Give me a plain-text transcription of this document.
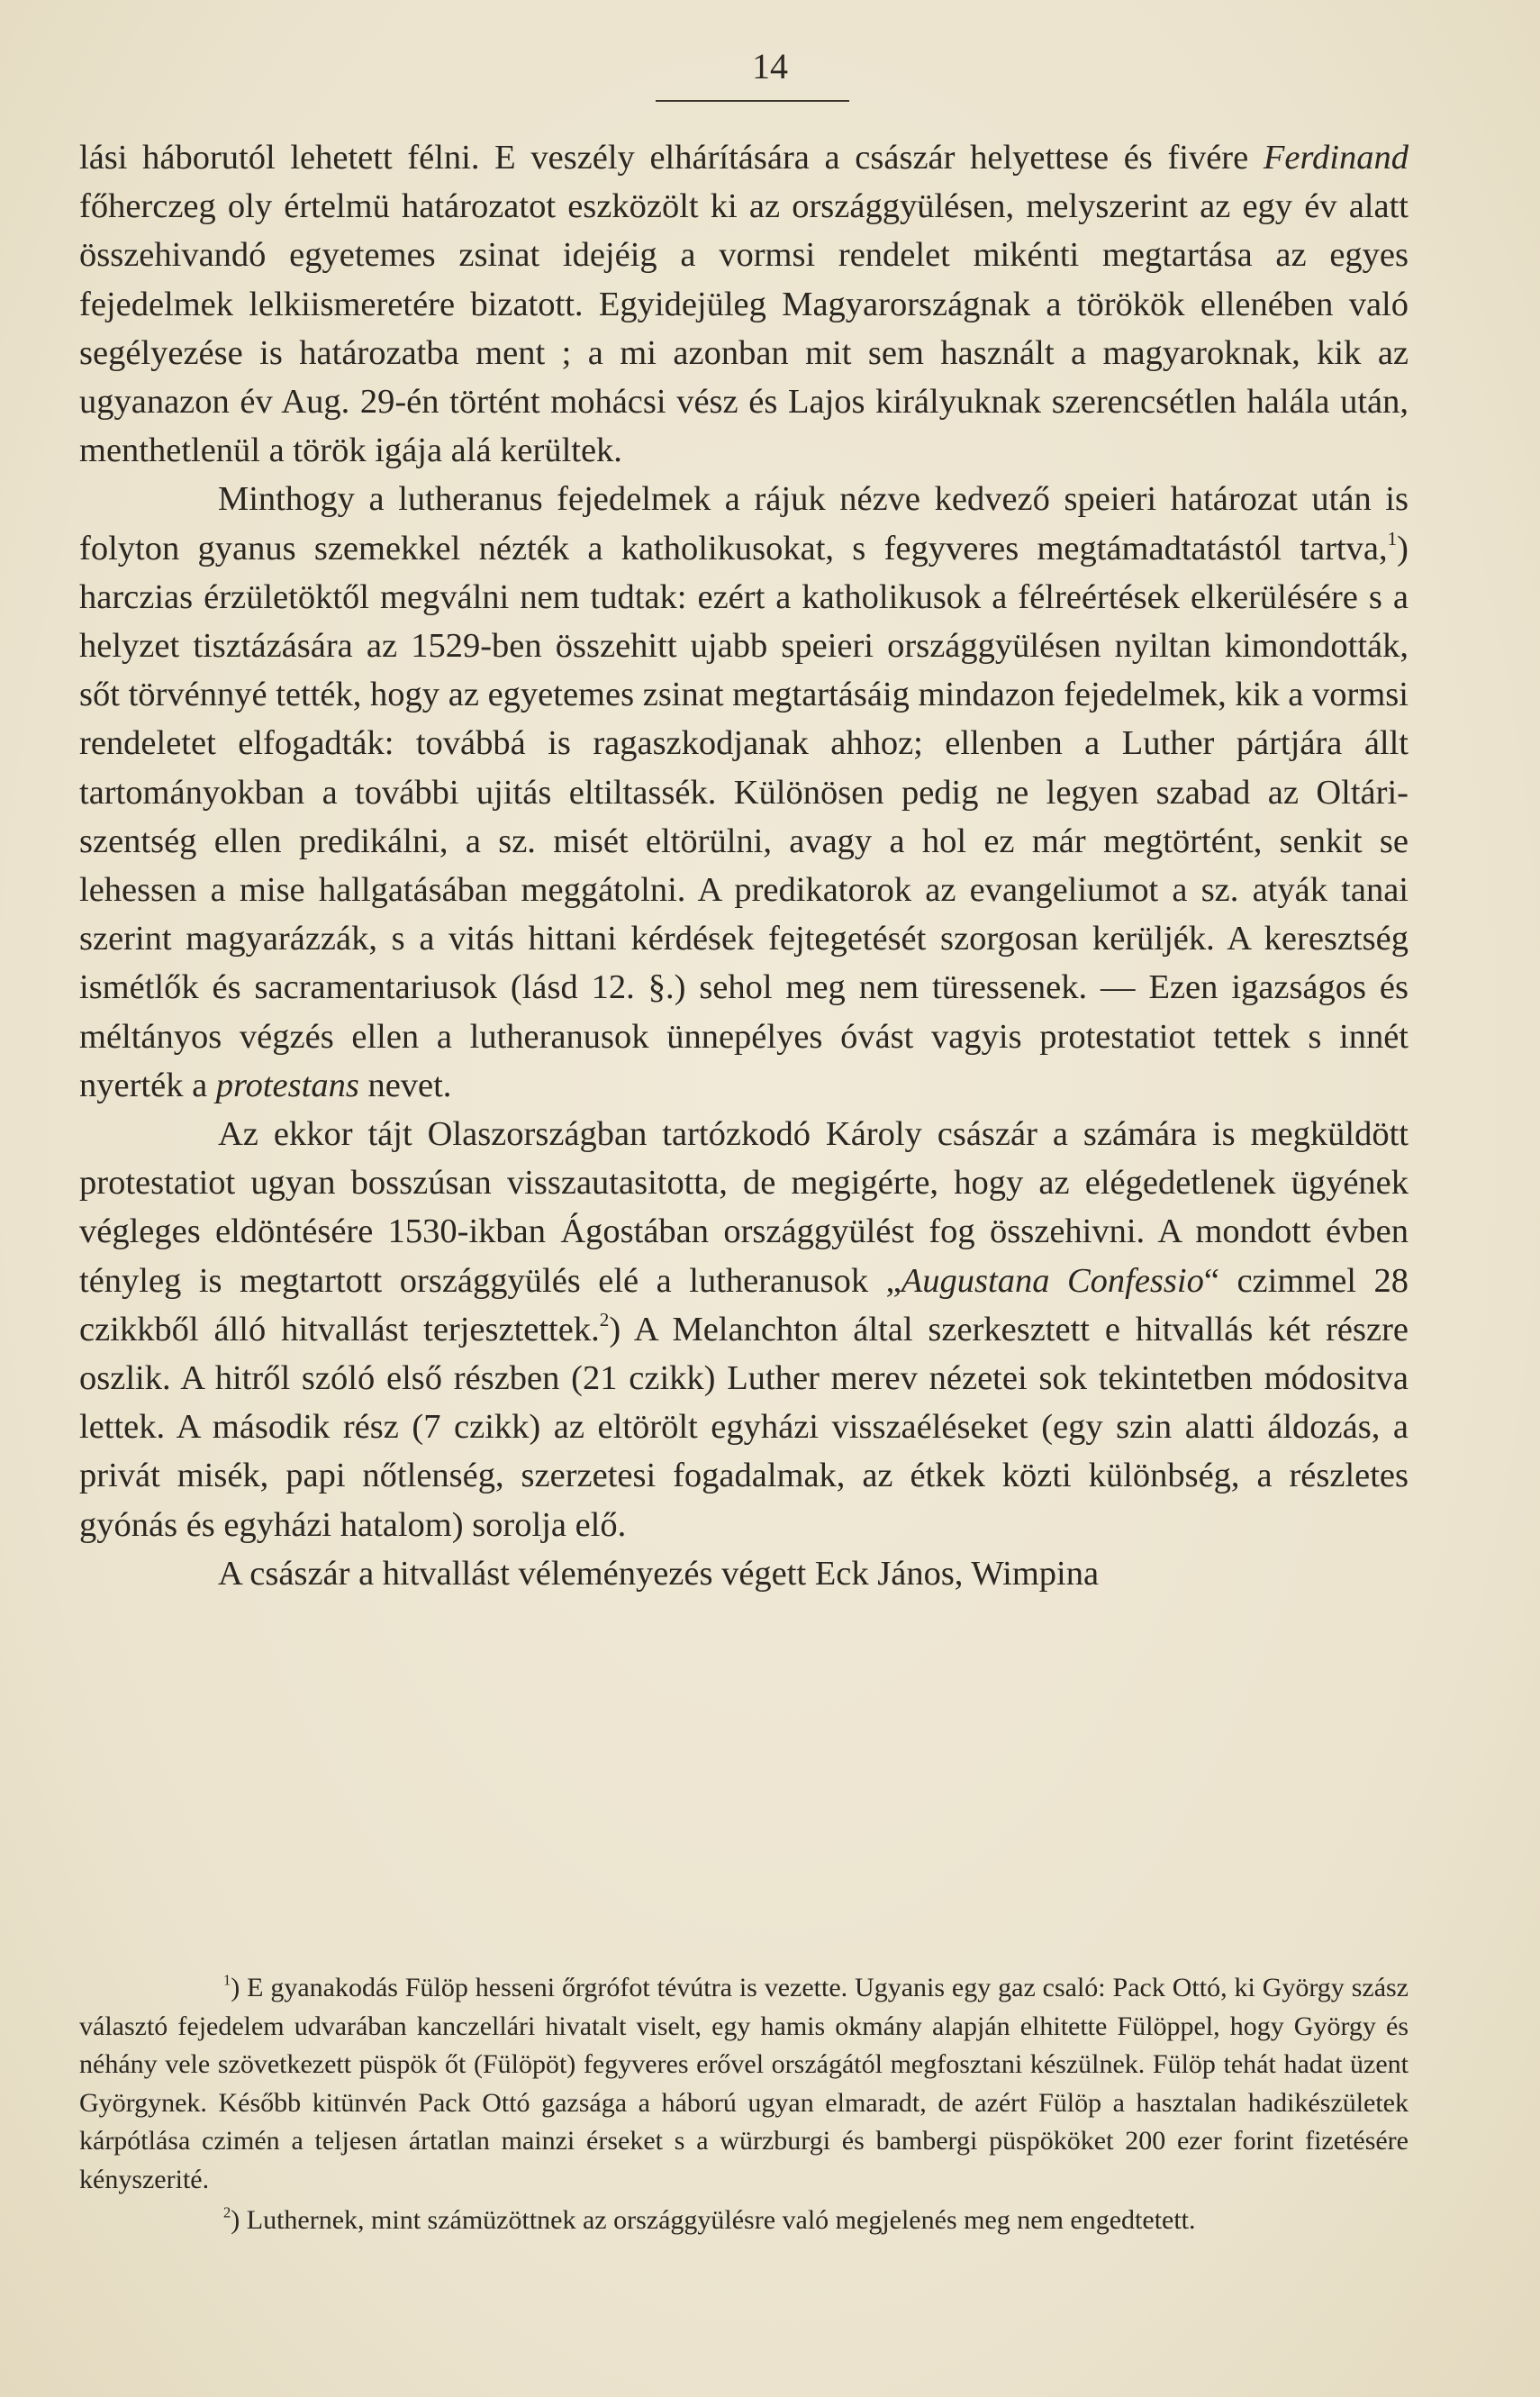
14

lási háborutól lehetett félni. E veszély elhárítására a császár helyettese és fivére Ferdinand főherczeg oly értelmü határozatot eszközölt ki az országgyülésen, melyszerint az egy év alatt összehivandó egyetemes zsinat idejéig a vormsi rendelet mikénti megtartása az egyes fejedelmek lelkiismeretére bizatott. Egyidejüleg Magyarországnak a törökök ellenében való segélyezése is határozatba ment ; a mi azonban mit sem használt a magyaroknak, kik az ugyanazon év Aug. 29-én történt mohácsi vész és Lajos királyuknak szerencsétlen halála után, menthetlenül a török igája alá kerültek.

Minthogy a lutheranus fejedelmek a rájuk nézve kedvező speieri határozat után is folyton gyanus szemekkel nézték a katholikusokat, s fegyveres megtámadtatástól tartva,$^1$) harczias érzületöktől megválni nem tudtak: ezért a katholikusok a félreértések elkerülésére s a helyzet tisztázására az 1529-ben összehitt ujabb speieri országgyülésen nyiltan kimondották, sőt törvénnyé tették, hogy az egyetemes zsinat megtartásáig mindazon fejedelmek, kik a vormsi rendeletet elfogadták: továbbá is ragaszkodjanak ahhoz; ellenben a Luther pártjára állt tartományokban a további ujitás eltiltassék. Különösen pedig ne legyen szabad az Oltáriszentség ellen predikálni, a sz. misét eltörülni, avagy a hol ez már megtörtént, senkit se lehessen a mise hallgatásában meggátolni. A predikatorok az evangeliumot a sz. atyák tanai szerint magyarázzák, s a vitás hittani kérdések fejtegetését szorgosan kerüljék. A keresztség ismétlők és sacramentariusok (lásd 12. §.) sehol meg nem türessenek. — Ezen igazságos és méltányos végzés ellen a lutheranusok ünnepélyes óvást vagyis protestatiot tettek s innét nyerték a protestans nevet.

Az ekkor tájt Olaszországban tartózkodó Károly császár a számára is megküldött protestatiot ugyan bosszúsan visszautasitotta, de megigérte, hogy az elégedetlenek ügyének végleges eldöntésére 1530-ikban Ágostában országgyülést fog összehivni. A mondott évben tényleg is megtartott országgyülés elé a lutheranusok „Augustana Confessio“ czimmel 28 czikkből álló hitvallást terjesztettek.$^2$) A Melanchton által szerkesztett e hitvallás két részre oszlik. A hitről szóló első részben (21 czikk) Luther merev nézetei sok tekintetben módositva lettek. A második rész (7 czikk) az eltörölt egyházi visszaéléseket (egy szin alatti áldozás, a privát misék, papi nőtlenség, szerzetesi fogadalmak, az étkek közti különbség, a részletes gyónás és egyházi hatalom) sorolja elő.

A császár a hitvallást véleményezés végett Eck János, Wimpina

$^1$) E gyanakodás Fülöp hesseni őrgrófot tévútra is vezette. Ugyanis egy gaz csaló: Pack Ottó, ki György szász választó fejedelem udvarában kanczellári hivatalt viselt, egy hamis okmány alapján elhitette Fülöppel, hogy György és néhány vele szövetkezett püspök őt (Fülöpöt) fegyveres erővel országától megfosztani készülnek. Fülöp tehát hadat üzent Györgynek. Később kitünvén Pack Ottó gazsága a háború ugyan elmaradt, de azért Fülöp a hasztalan hadikészületek kárpótlása czimén a teljesen ártatlan mainzi érseket s a würzburgi és bambergi püspököket 200 ezer forint fizetésére kényszerité.

$^2$) Luthernek, mint számüzöttnek az országgyülésre való megjelenés meg nem engedtetett.
